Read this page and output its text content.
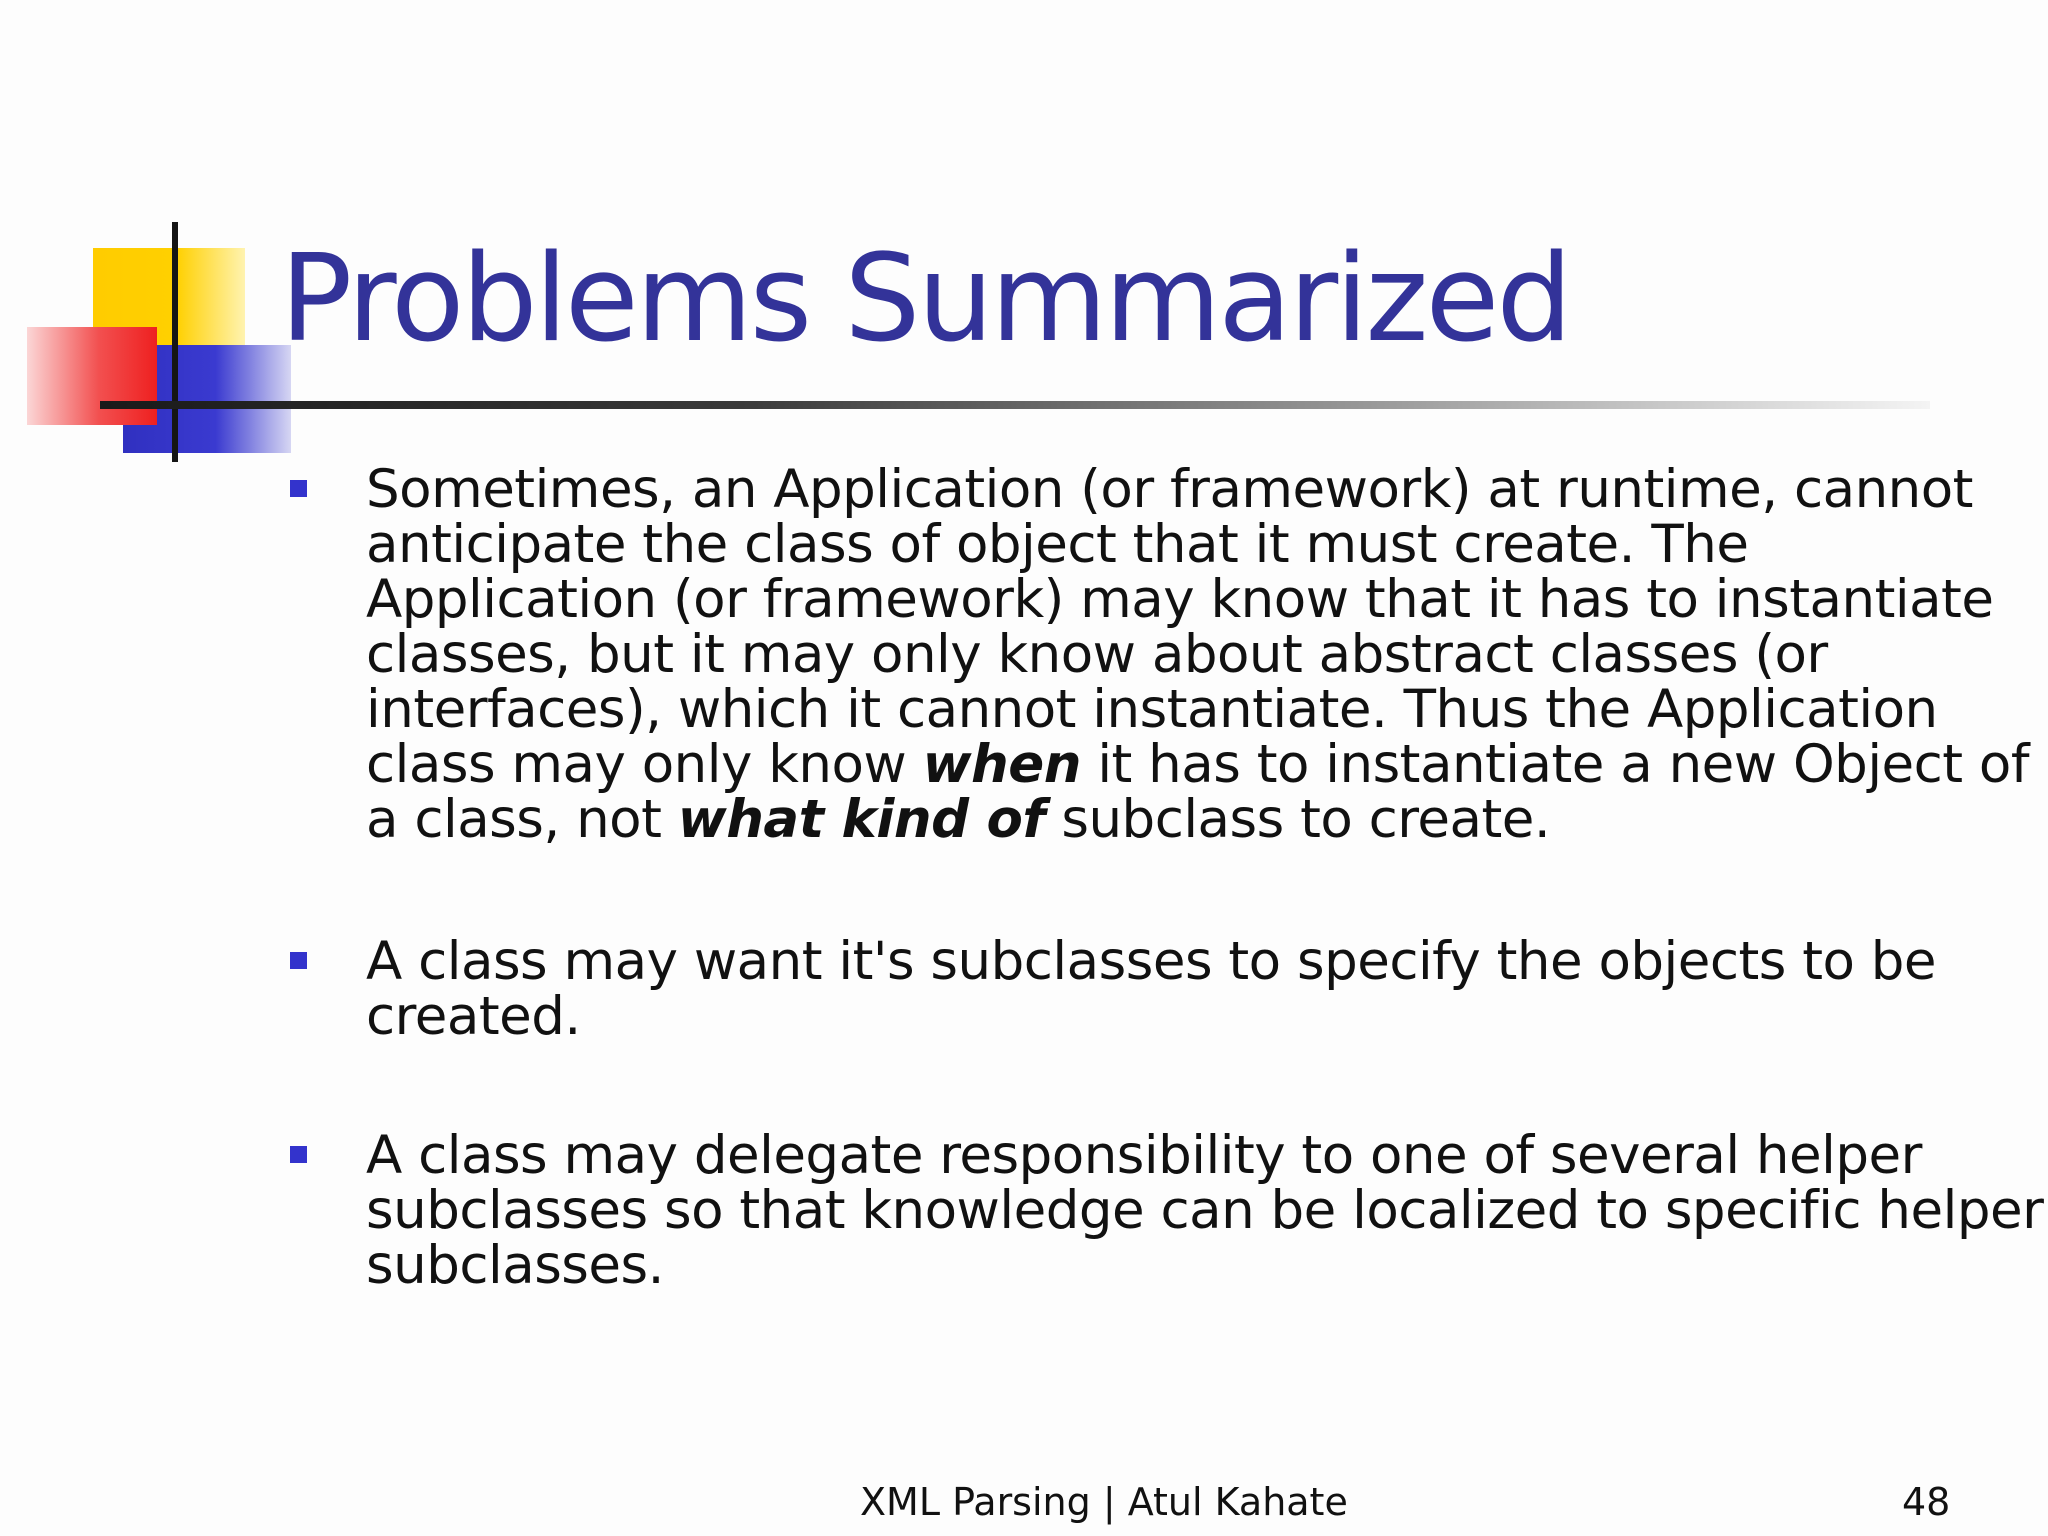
Problems Summarized
Sometimes, an Application (or framework) at runtime, cannot anticipate the class of object that it must create. The Application (or framework) may know that it has to instantiate classes, but it may only know about abstract classes (or interfaces), which it cannot instantiate. Thus the Application class may only know when it has to instantiate a new Object of a class, not what kind of subclass to create.
A class may want it's subclasses to specify the objects to be created.
A class may delegate responsibility to one of several helper subclasses so that knowledge can be localized to specific helper subclasses.
XML Parsing | Atul Kahate	48
